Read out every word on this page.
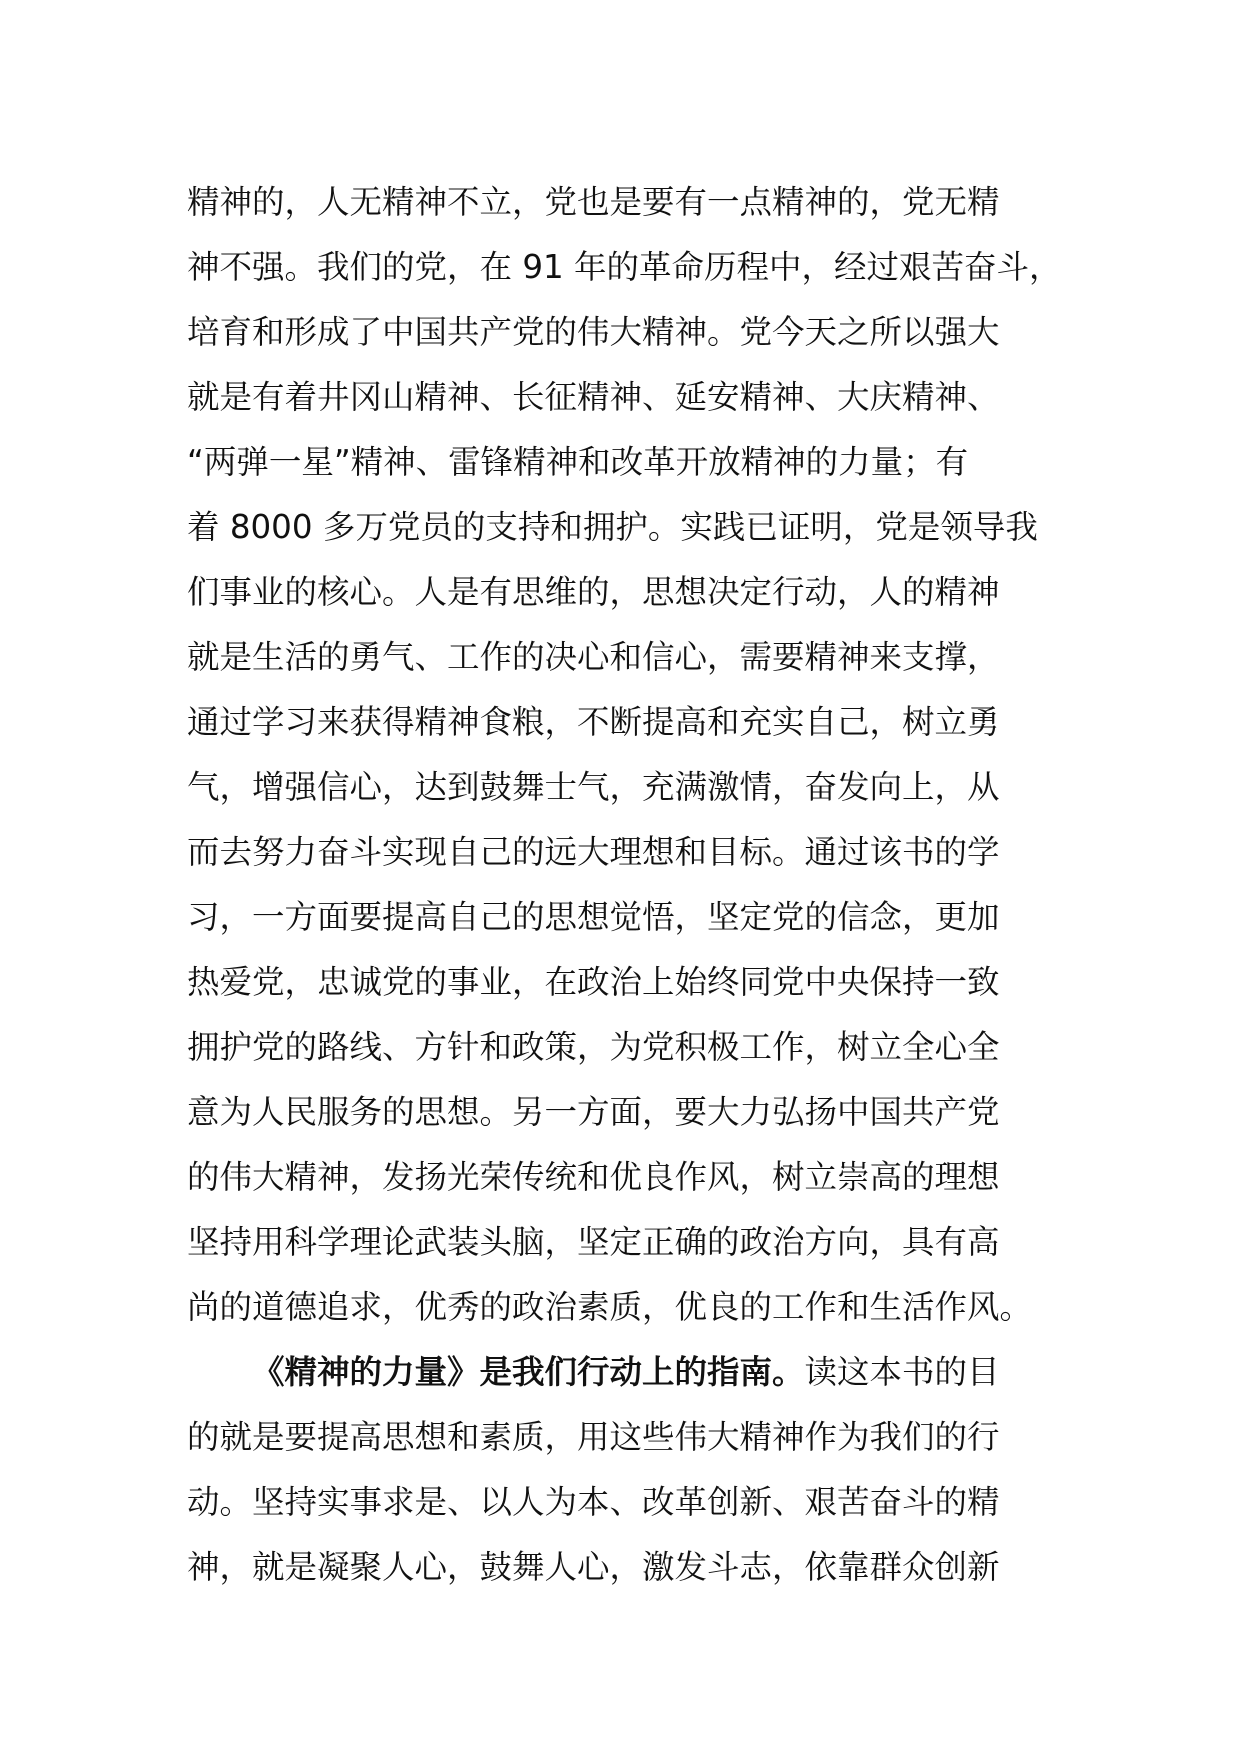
精神的，人无精神不立，党也是要有一点精神的，党无精
神不强。我们的党，在 91 年的革命历程中，经过艰苦奋斗，
培育和形成了中国共产党的伟大精神。党今天之所以强大
就是有着井冈山精神、长征精神、延安精神、大庆精神、
“两弹一星”精神、雷锋精神和改革开放精神的力量；有
着 8000 多万党员的支持和拥护。实践已证明，党是领导我
们事业的核心。人是有思维的，思想决定行动，人的精神
就是生活的勇气、工作的决心和信心，需要精神来支撑，
通过学习来获得精神食粮，不断提高和充实自己，树立勇
气，增强信心，达到鼓舞士气，充满激情，奋发向上，从
而去努力奋斗实现自己的远大理想和目标。通过该书的学
习，一方面要提高自己的思想觉悟，坚定党的信念，更加
热爱党，忠诚党的事业，在政治上始终同党中央保持一致
拥护党的路线、方针和政策，为党积极工作，树立全心全
意为人民服务的思想。另一方面，要大力弘扬中国共产党
的伟大精神，发扬光荣传统和优良作风，树立崇高的理想
坚持用科学理论武装头脑，坚定正确的政治方向，具有高
尚的道德追求，优秀的政治素质，优良的工作和生活作风。
《精神的力量》是我们行动上的指南。读这本书的目
的就是要提高思想和素质，用这些伟大精神作为我们的行
动。坚持实事求是、以人为本、改革创新、艰苦奋斗的精
神，就是凝聚人心，鼓舞人心，激发斗志，依靠群众创新
